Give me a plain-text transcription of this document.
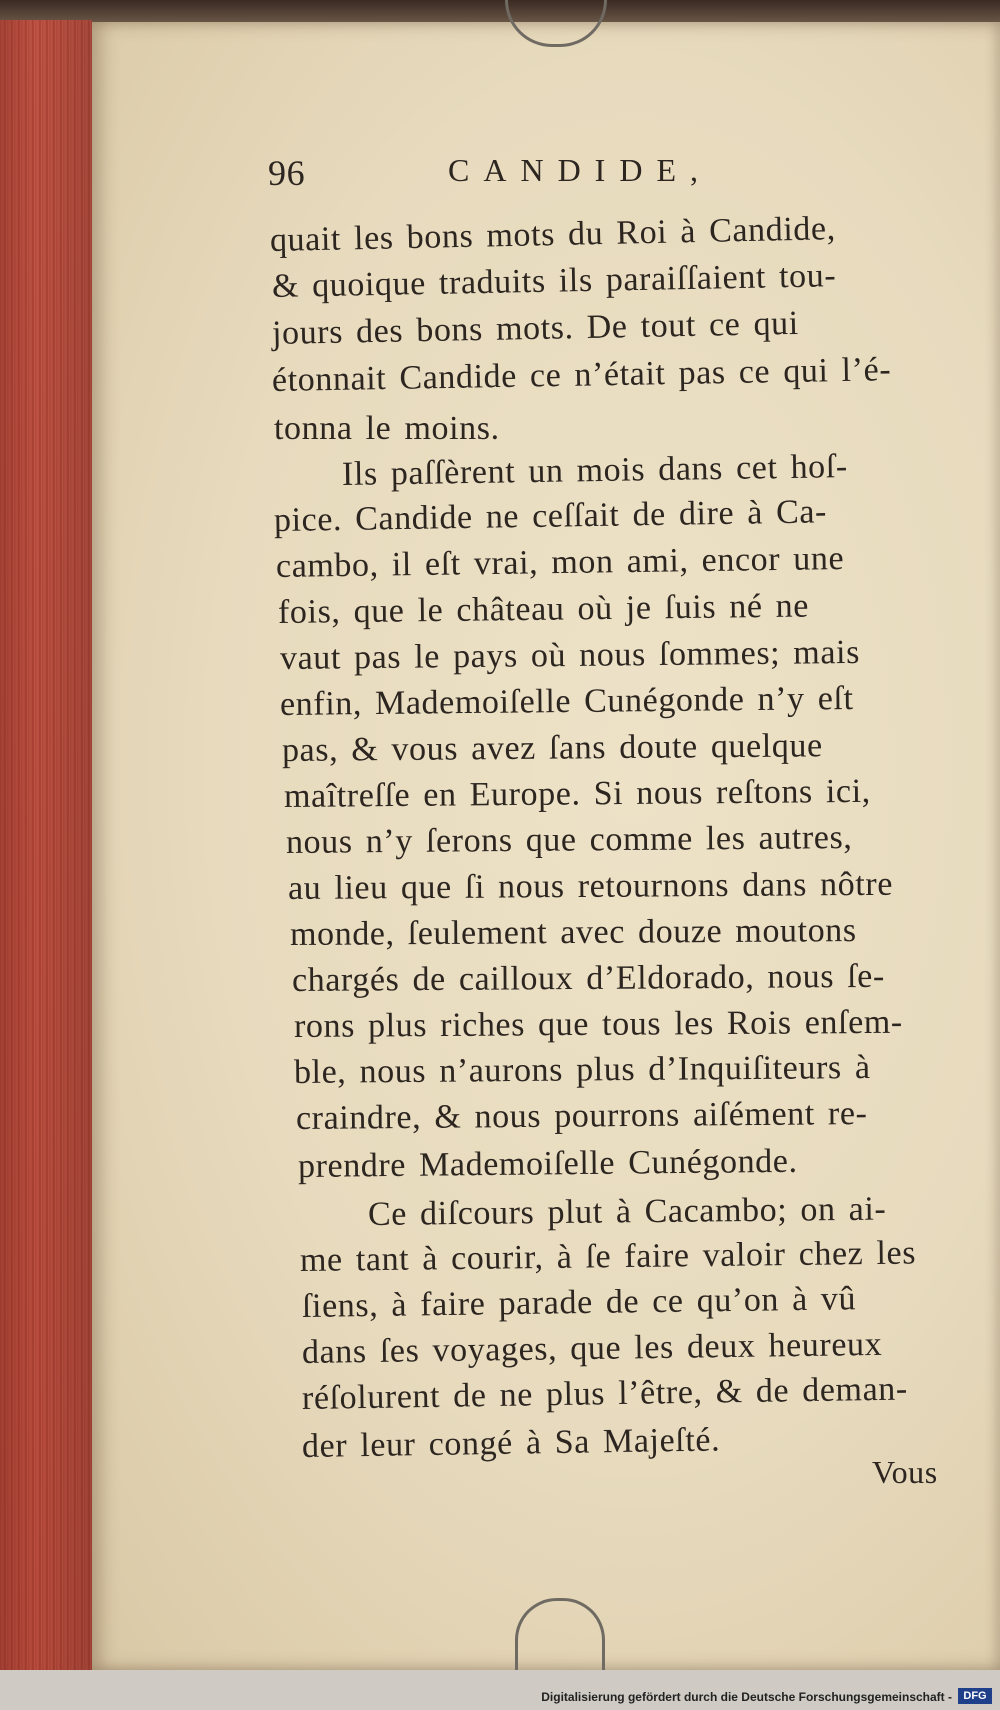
96	CANDIDE,
quait les bons mots du Roi à Candide,
& quoique traduits ils paraiſſaient tou-
jours des bons mots. De tout ce qui
étonnait Candide ce n’était pas ce qui l’é-
tonna le moins.
Ils paſſèrent un mois dans cet hoſ-
pice. Candide ne ceſſait de dire à Ca-
cambo, il eſt vrai, mon ami, encor une
fois, que le château où je ſuis né ne
vaut pas le pays où nous ſommes; mais
enfin, Mademoiſelle Cunégonde n’y eſt
pas, & vous avez ſans doute quelque
maîtreſſe en Europe. Si nous reſtons ici,
nous n’y ſerons que comme les autres,
au lieu que ſi nous retournons dans nôtre
monde, ſeulement avec douze moutons
chargés de cailloux d’Eldorado, nous ſe-
rons plus riches que tous les Rois enſem-
ble, nous n’aurons plus d’Inquiſiteurs à
craindre, & nous pourrons aiſément re-
prendre Mademoiſelle Cunégonde.
Ce diſcours plut à Cacambo; on ai-
me tant à courir, à ſe faire valoir chez les
ſiens, à faire parade de ce qu’on à vû
dans ſes voyages, que les deux heureux
réſolurent de ne plus l’être, & de deman-
der leur congé à Sa Majeſté.
Vous
Digitalisierung gefördert durch die Deutsche Forschungsgemeinschaft -	DFG
